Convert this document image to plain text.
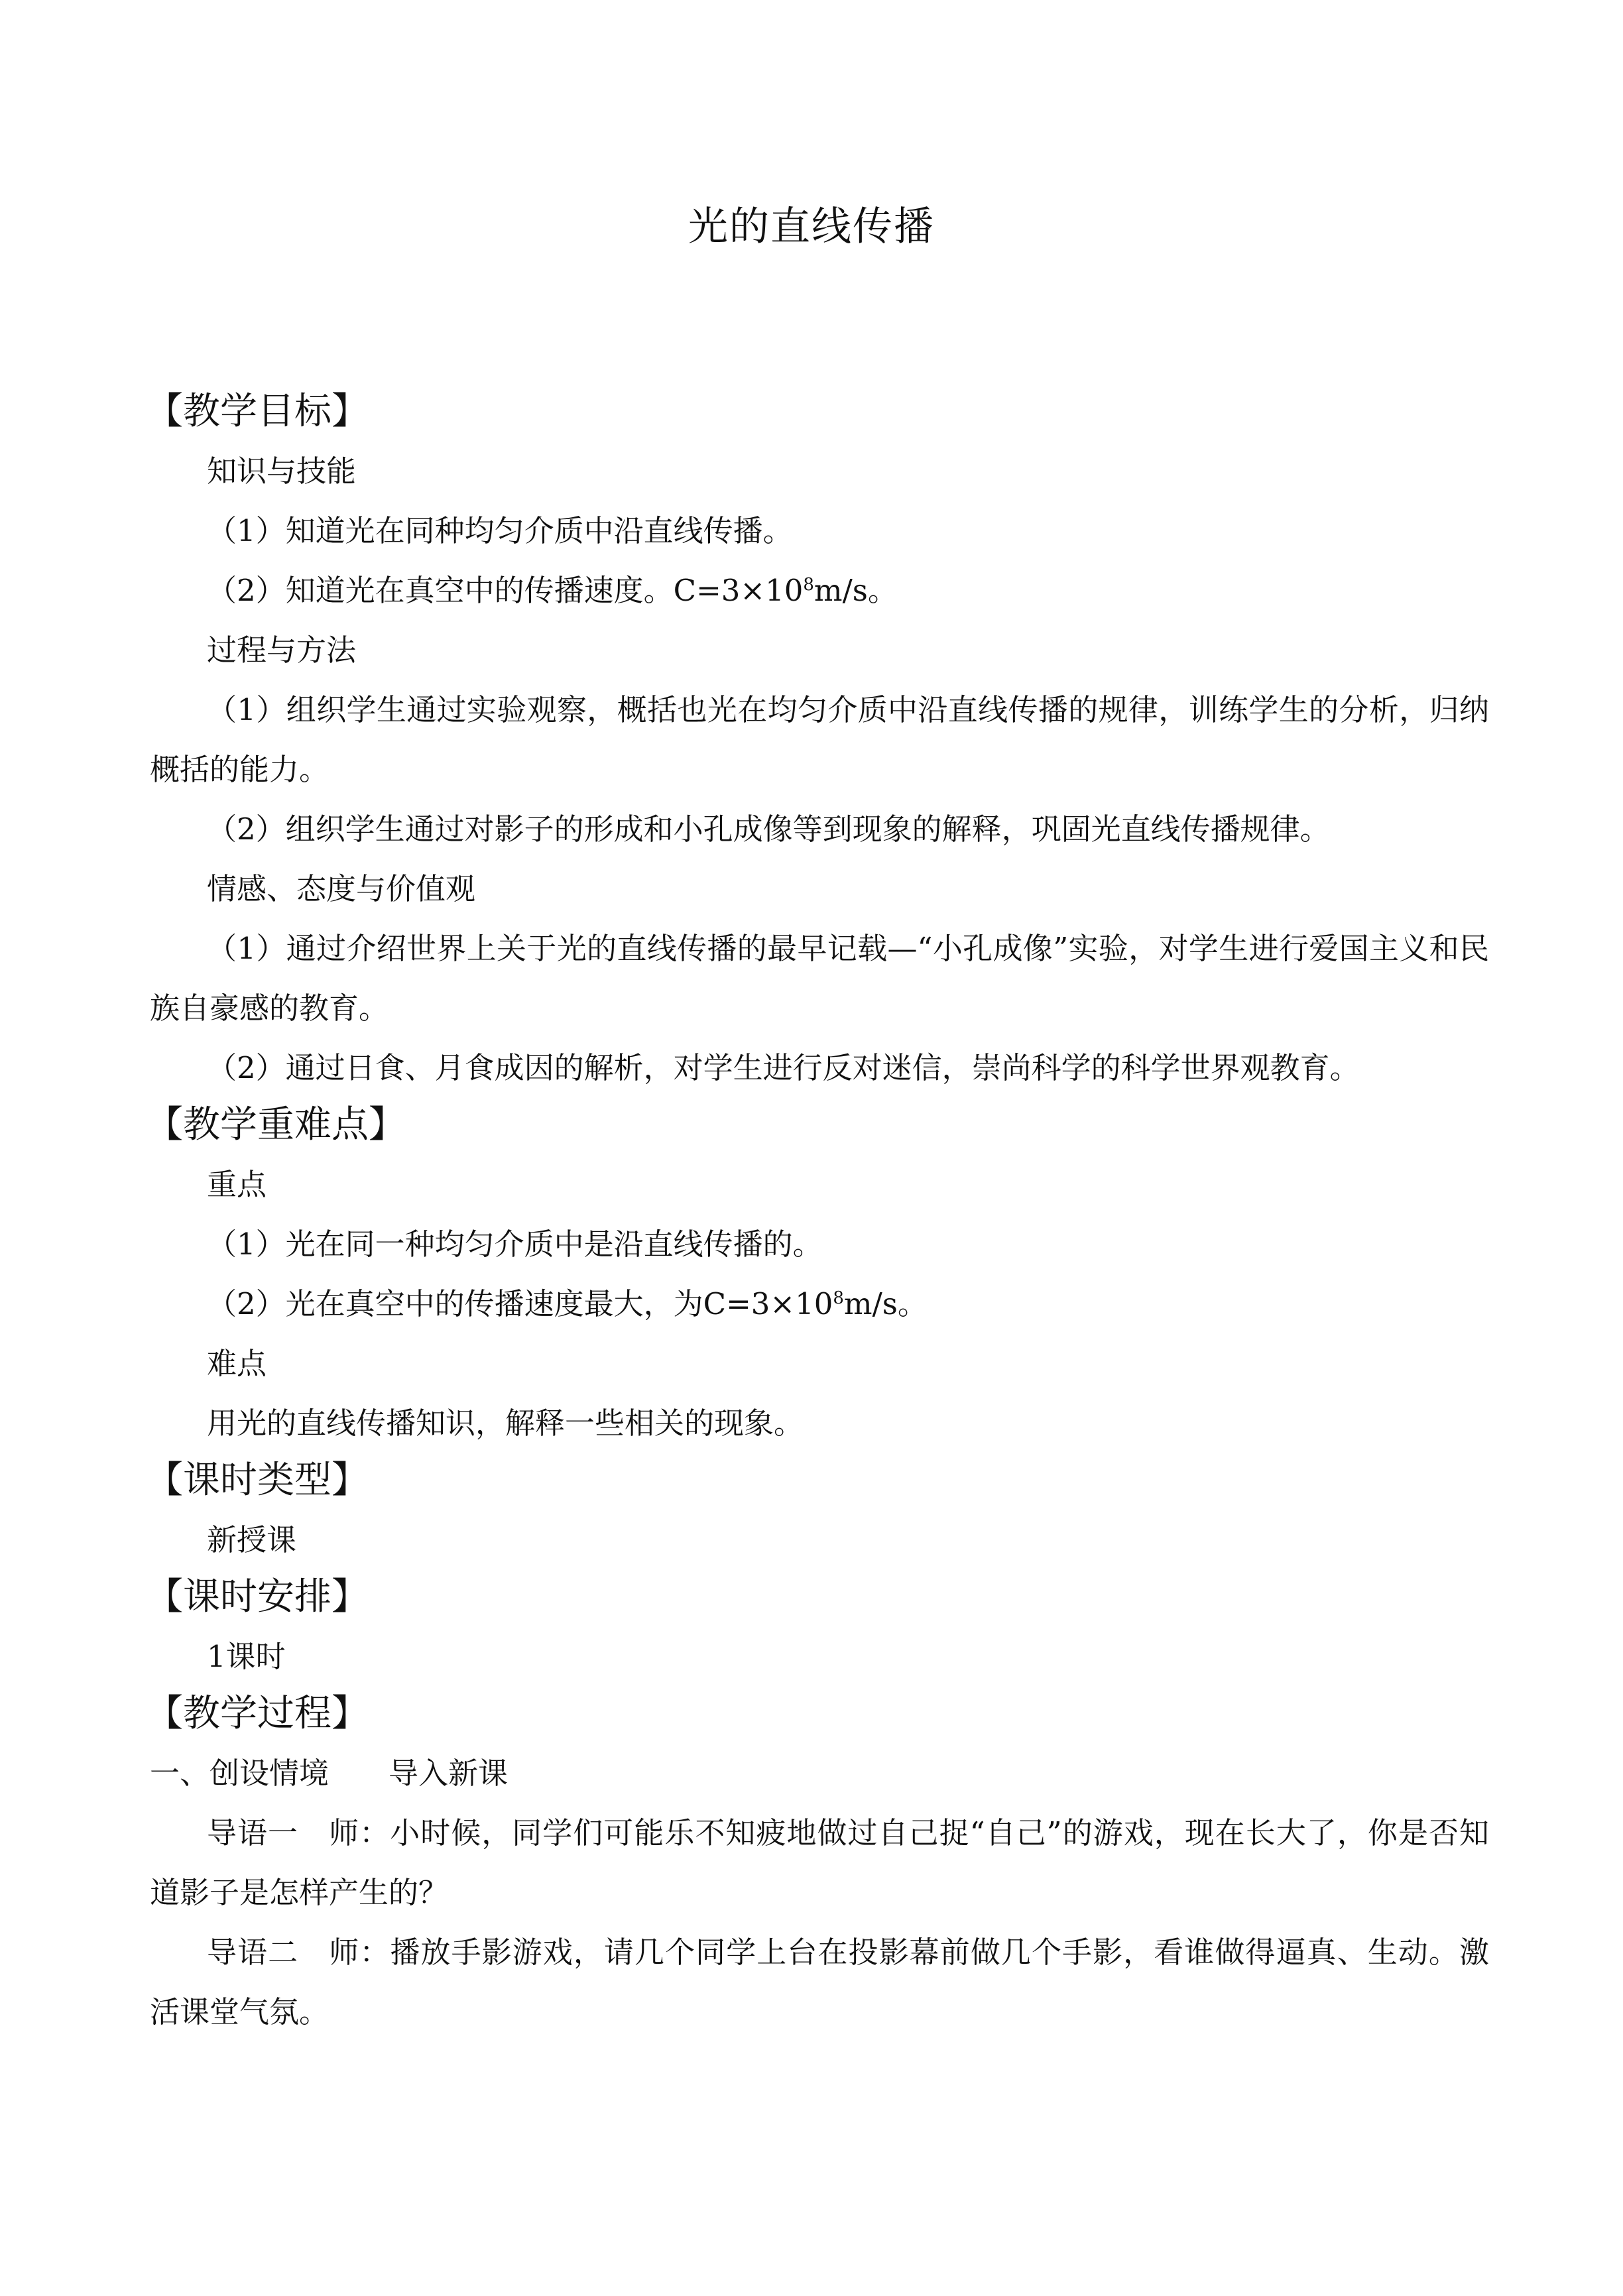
光的直线传播
【教学目标】

知识与技能

（1）知道光在同种均匀介质中沿直线传播。

（2）知道光在真空中的传播速度。$C=3\times 10^8m/s$。

过程与方法

（1）组织学生通过实验观察，概括也光在均匀介质中沿直线传播的规律，训练学生的分析，归纳概括的能力。

（2）组织学生通过对影子的形成和小孔成像等到现象的解释，巩固光直线传播规律。

情感、态度与价值观

（1）通过介绍世界上关于光的直线传播的最早记载—“小孔成像”实验，对学生进行爱国主义和民族自豪感的教育。

（2）通过日食、月食成因的解析，对学生进行反对迷信，崇尚科学的科学世界观教育。

【教学重难点】

重点

（1）光在同一种均匀介质中是沿直线传播的。

（2）光在真空中的传播速度最大，为$C=3\times 10^8m/s$。

难点

用光的直线传播知识，解释一些相关的现象。

【课时类型】

新授课

【课时安排】

1课时

【教学过程】

一、创设情境 导入新课

导语一　师：小时候，同学们可能乐不知疲地做过自己捉“自己”的游戏，现在长大了，你是否知道影子是怎样产生的？

导语二　师：播放手影游戏，请几个同学上台在投影幕前做几个手影，看谁做得逼真、生动。激活课堂气氛。
